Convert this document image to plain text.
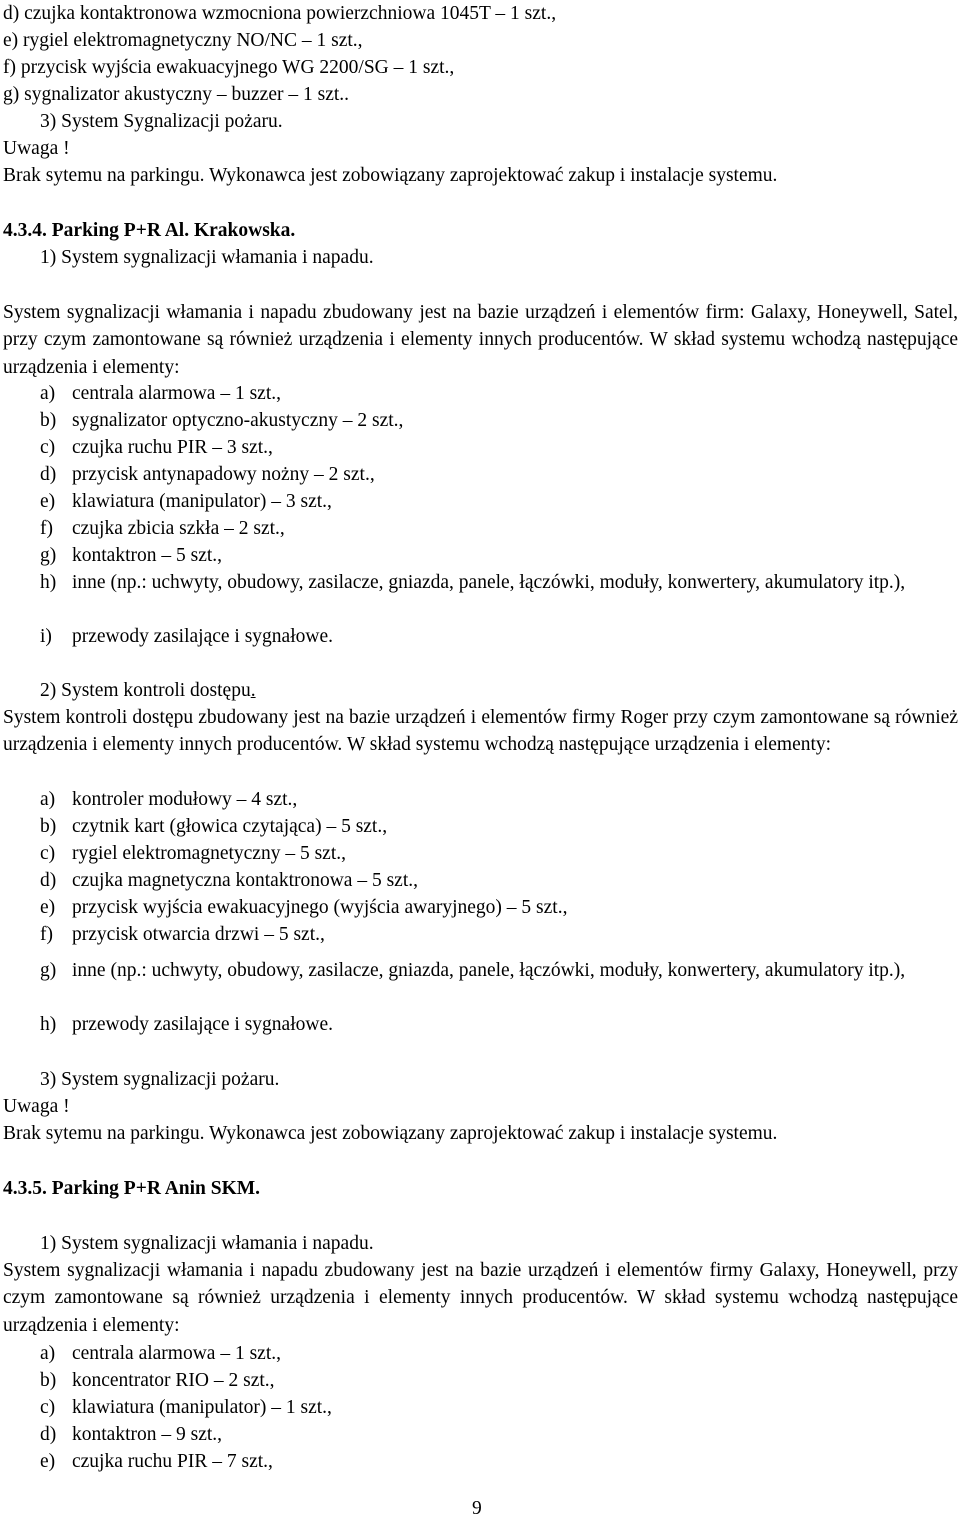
d) czujka kontaktronowa wzmocniona powierzchniowa 1045T – 1 szt.,
e) rygiel elektromagnetyczny NO/NC – 1 szt.,
f) przycisk wyjścia ewakuacyjnego WG 2200/SG – 1 szt.,
g) sygnalizator akustyczny – buzzer – 1 szt..
3) System Sygnalizacji pożaru.
Uwaga !
Brak sytemu na parkingu. Wykonawca jest zobowiązany zaprojektować zakup i instalacje systemu.
4.3.4. Parking P+R Al. Krakowska.
1) System sygnalizacji włamania i napadu.
System sygnalizacji włamania i napadu zbudowany jest na bazie urządzeń i elementów firm: Galaxy, Honeywell, Satel, przy czym zamontowane są również urządzenia i elementy innych producentów. W skład systemu wchodzą następujące urządzenia i elementy:
a) centrala alarmowa – 1 szt.,
b) sygnalizator optyczno-akustyczny – 2 szt.,
c) czujka ruchu PIR – 3 szt.,
d) przycisk antynapadowy nożny – 2 szt.,
e) klawiatura (manipulator) – 3 szt.,
f) czujka zbicia szkła – 2 szt.,
g) kontaktron – 5 szt.,
h) inne (np.: uchwyty, obudowy, zasilacze, gniazda, panele, łączówki, moduły, konwertery, akumulatory itp.),
i) przewody zasilające i sygnałowe.
2) System kontroli dostępu.
System kontroli dostępu zbudowany jest na bazie urządzeń i elementów firmy Roger przy czym zamontowane są również urządzenia i elementy innych producentów. W skład systemu wchodzą następujące urządzenia i elementy:
a) kontroler modułowy – 4 szt.,
b) czytnik kart (głowica czytająca) – 5 szt.,
c) rygiel elektromagnetyczny – 5 szt.,
d) czujka magnetyczna kontaktronowa – 5 szt.,
e) przycisk wyjścia ewakuacyjnego (wyjścia awaryjnego) – 5 szt.,
f) przycisk otwarcia drzwi – 5 szt.,
g) inne (np.: uchwyty, obudowy, zasilacze, gniazda, panele, łączówki, moduły, konwertery, akumulatory itp.),
h) przewody zasilające i sygnałowe.
3) System sygnalizacji pożaru.
Uwaga !
Brak sytemu na parkingu. Wykonawca jest zobowiązany zaprojektować zakup i instalacje systemu.
4.3.5. Parking P+R Anin SKM.
1) System sygnalizacji włamania i napadu.
System sygnalizacji włamania i napadu zbudowany jest na bazie urządzeń i elementów firmy Galaxy, Honeywell, przy czym zamontowane są również urządzenia i elementy innych producentów. W skład systemu wchodzą następujące urządzenia i elementy:
a) centrala alarmowa – 1 szt.,
b) koncentrator RIO – 2 szt.,
c) klawiatura (manipulator) – 1 szt.,
d) kontaktron – 9 szt.,
e) czujka ruchu PIR – 7 szt.,
9
